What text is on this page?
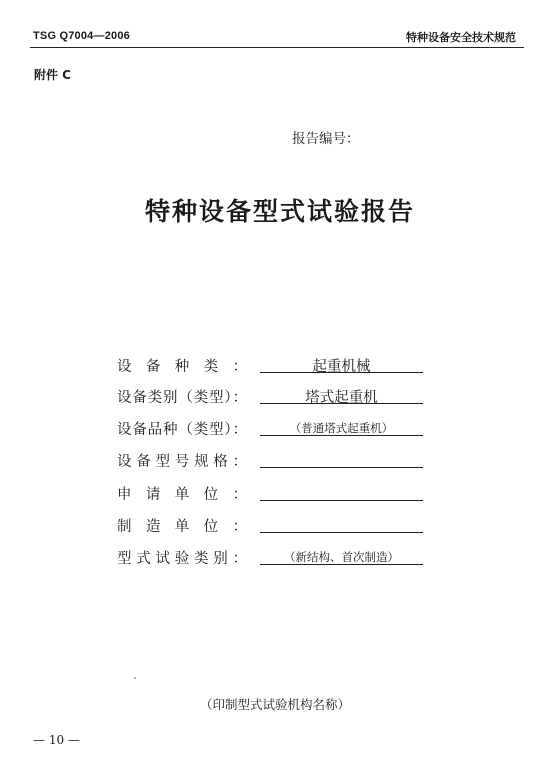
TSG Q7004—2006	特种设备安全技术规范
附件 C
报告编号：
特种设备型式试验报告
设备种类：	起重机械
设备类别（类型）：	塔式起重机
设备品种（类型）：	（普通塔式起重机）
设备型号规格：
申请单位：
制造单位：
型式试验类别：	（新结构、首次制造）
（印制型式试验机构名称）
— 10 —
